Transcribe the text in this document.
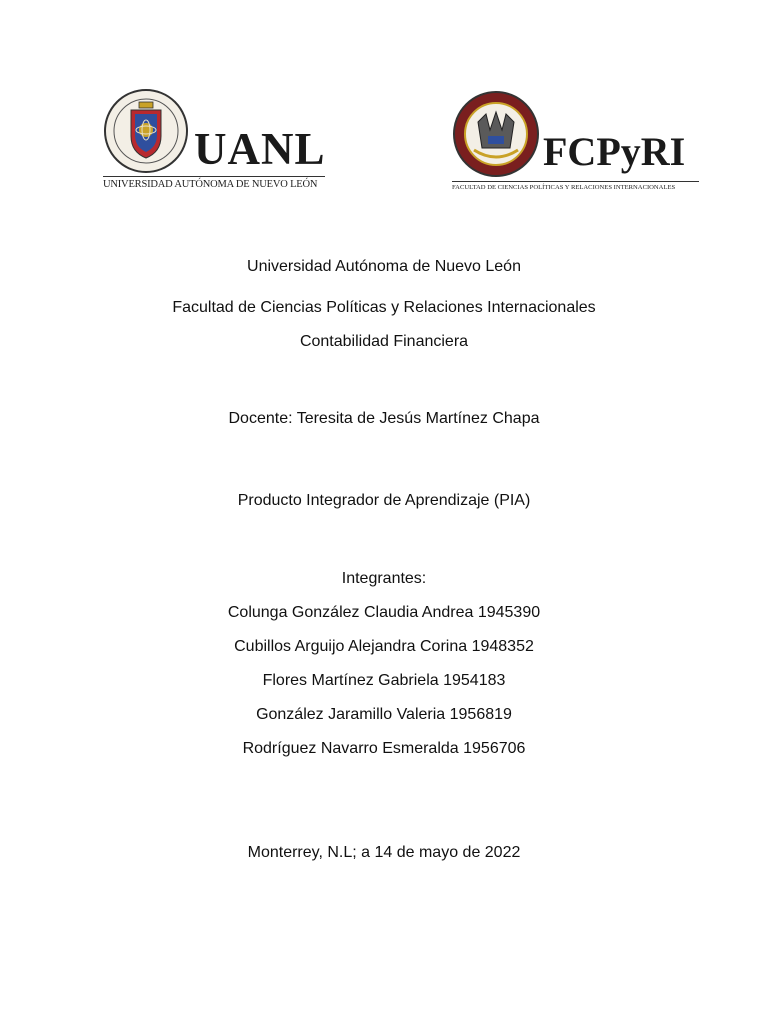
UANL
UNIVERSIDAD AUTÓNOMA DE NUEVO LEÓN
FCPyRI
FACULTAD DE CIENCIAS POLÍTICAS Y RELACIONES INTERNACIONALES
Universidad Autónoma de Nuevo León
Facultad de Ciencias Políticas y Relaciones Internacionales
Contabilidad Financiera
Docente: Teresita de Jesús Martínez Chapa
Producto Integrador de Aprendizaje (PIA)
Integrantes:
Colunga González Claudia Andrea 1945390
Cubillos Arguijo Alejandra Corina 1948352
Flores Martínez Gabriela 1954183
González Jaramillo Valeria 1956819
Rodríguez Navarro Esmeralda 1956706
Monterrey, N.L; a 14 de mayo de 2022
